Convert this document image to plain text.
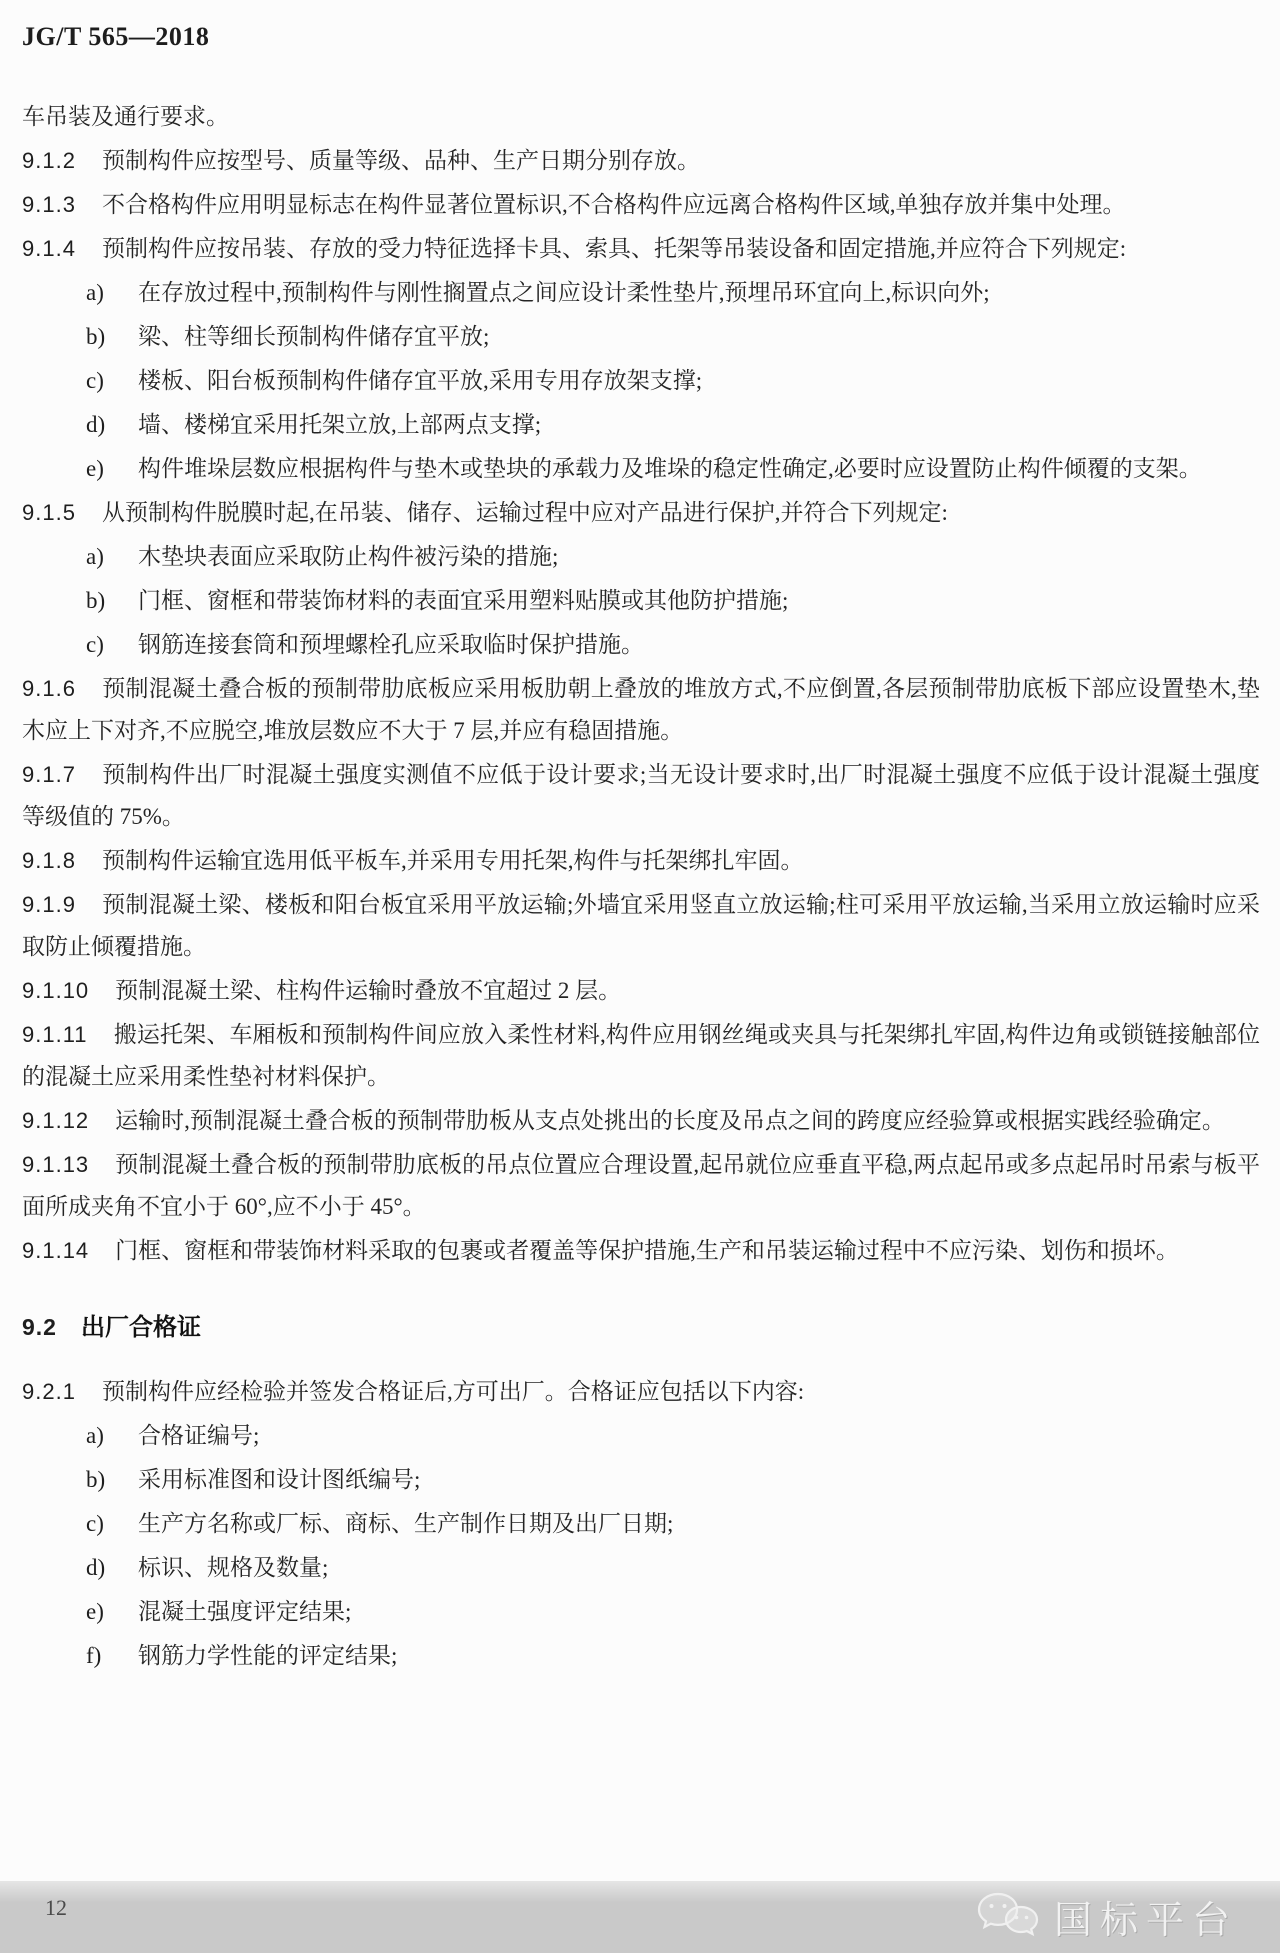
JG/T 565—2018

车吊装及通行要求。

9.1.2 预制构件应按型号、质量等级、品种、生产日期分别存放。

9.1.3 不合格构件应用明显标志在构件显著位置标识,不合格构件应远离合格构件区域,单独存放并集中处理。

9.1.4 预制构件应按吊装、存放的受力特征选择卡具、索具、托架等吊装设备和固定措施,并应符合下列规定:

a) 在存放过程中,预制构件与刚性搁置点之间应设计柔性垫片,预埋吊环宜向上,标识向外;
b) 梁、柱等细长预制构件储存宜平放;
c) 楼板、阳台板预制构件储存宜平放,采用专用存放架支撑;
d) 墙、楼梯宜采用托架立放,上部两点支撑;
e) 构件堆垛层数应根据构件与垫木或垫块的承载力及堆垛的稳定性确定,必要时应设置防止构件倾覆的支架。

9.1.5 从预制构件脱膜时起,在吊装、储存、运输过程中应对产品进行保护,并符合下列规定:

a) 木垫块表面应采取防止构件被污染的措施;
b) 门框、窗框和带装饰材料的表面宜采用塑料贴膜或其他防护措施;
c) 钢筋连接套筒和预埋螺栓孔应采取临时保护措施。

9.1.6 预制混凝土叠合板的预制带肋底板应采用板肋朝上叠放的堆放方式,不应倒置,各层预制带肋底板下部应设置垫木,垫木应上下对齐,不应脱空,堆放层数应不大于 7 层,并应有稳固措施。

9.1.7 预制构件出厂时混凝土强度实测值不应低于设计要求;当无设计要求时,出厂时混凝土强度不应低于设计混凝土强度等级值的 75%。

9.1.8 预制构件运输宜选用低平板车,并采用专用托架,构件与托架绑扎牢固。

9.1.9 预制混凝土梁、楼板和阳台板宜采用平放运输;外墙宜采用竖直立放运输;柱可采用平放运输,当采用立放运输时应采取防止倾覆措施。

9.1.10 预制混凝土梁、柱构件运输时叠放不宜超过 2 层。

9.1.11 搬运托架、车厢板和预制构件间应放入柔性材料,构件应用钢丝绳或夹具与托架绑扎牢固,构件边角或锁链接触部位的混凝土应采用柔性垫衬材料保护。

9.1.12 运输时,预制混凝土叠合板的预制带肋板从支点处挑出的长度及吊点之间的跨度应经验算或根据实践经验确定。

9.1.13 预制混凝土叠合板的预制带肋底板的吊点位置应合理设置,起吊就位应垂直平稳,两点起吊或多点起吊时吊索与板平面所成夹角不宜小于 60°,应不小于 45°。

9.1.14 门框、窗框和带装饰材料采取的包裹或者覆盖等保护措施,生产和吊装运输过程中不应污染、划伤和损坏。

9.2 出厂合格证

9.2.1 预制构件应经检验并签发合格证后,方可出厂。合格证应包括以下内容:

a) 合格证编号;
b) 采用标准图和设计图纸编号;
c) 生产方名称或厂标、商标、生产制作日期及出厂日期;
d) 标识、规格及数量;
e) 混凝土强度评定结果;
f) 钢筋力学性能的评定结果;
12	国标平台
